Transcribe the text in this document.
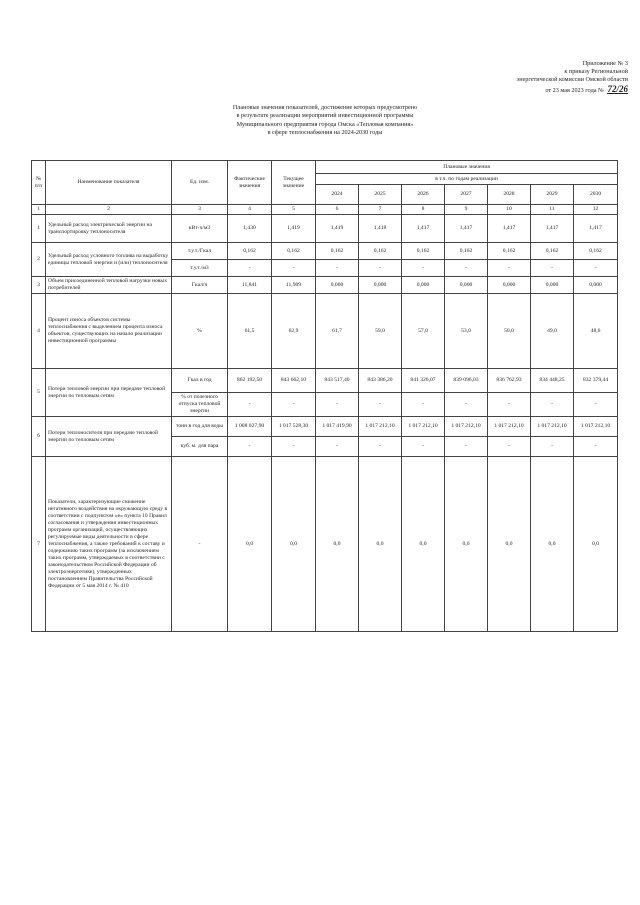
Приложение № 3
к приказу Региональной
энергетической комиссии Омской области
от 23 мая 2023 года № 72/26
Плановые значения показателей, достижение которых предусмотрено
в результате реализации мероприятий инвестиционной программы
Муниципального предприятия города Омска «Тепловая компания»
в сфере теплоснабжения на 2024-2030 годы
№ п/п	Наименование показателя	Ед. изм.	Фактические значения	Текущее значение	Плановые значения						
					в т.ч. по годам реализации						
					2024	2025	2026	2027	2028	2029	2030
1	2	3	4	5	6	7	8	9	10	11	12
1	Удельный расход электрической энергии на транспортировку теплоносителя	кВт·ч/м3	1,430	1,419	1,419	1,418	1,417	1,417	1,417	1,417	1,417
2	Удельный расход условного топлива на выработку единицы тепловой энергии и (или) теплоносителя	т.у.т./Гкал	0,162	0,162	0,162	0,162	0,162	0,162	0,162	0,162	0,162
		т.у.т./м3	-	-	-	-	-	-	-	-	-
3	Объем присоединенной тепловой нагрузки новых потребителей	Гкал/ч	11,841	11,909	0,000	0,000	0,000	0,000	0,000	0,000	0,000
4	Процент износа объектов системы теплоснабжения с выделением процента износа объектов, существующих на начало реализации инвестиционной программы	%	61,5	62,9	61,7	59,0	57,0	53,0	50,0	49,0	48,6
5	Потери тепловой энергии при передаче тепловой энергии по тепловым сетям	Гкал в год	862 192,50	843 662,10	843 517,40	843 386,20	841 326,07	839 096,03	836 762,93	834 448,25	832 379,44
		% от полезного отпуска тепловой энергии	-	-	-	-	-	-	-	-	-
6	Потери теплоносителя при передаче тепловой энергии по тепловым сетям	тонн в год для воды	1 008 027,90	1 017 528,30	1 017 419,90	1 017 212,10	1 017 212,10	1 017 212,10	1 017 212,10	1 017 212,10	1 017 212,10
		куб. м. для пара	-	-	-	-	-	-	-	-	-
7	Показатели, характеризующие снижение негативного воздействия на окружающую среду в соответствии с подпунктом «е» пункта 10 Правил согласования и утверждения инвестиционных программ организаций, осуществляющих регулируемые виды деятельности в сфере теплоснабжения, а также требований к составу и содержанию таких программ (за исключением таких программ, утверждаемых в соответствии с законодательством Российской Федерации об электроэнергетике), утвержденных постановлением Правительства Российской Федерации от 5 мая 2014 г. № 410	-	0,0	0,0	0,0	0,0	0,0	0,0	0,0	0,0	0,0
